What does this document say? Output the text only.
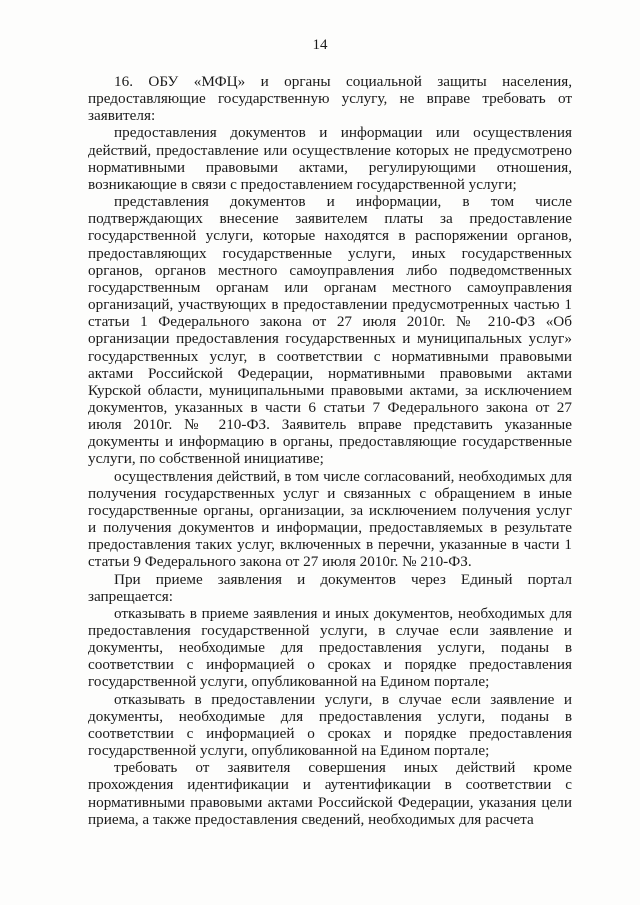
14

16. ОБУ «МФЦ» и органы социальной защиты населения, предоставляющие государственную услугу, не вправе требовать от заявителя:

предоставления документов и информации или осуществления действий, предоставление или осуществление которых не предусмотрено нормативными правовыми актами, регулирующими отношения, возникающие в связи с предоставлением государственной услуги;

представления документов и информации, в том числе подтверждающих внесение заявителем платы за предоставление государственной услуги, которые находятся в распоряжении органов, предоставляющих государственные услуги, иных государственных органов, органов местного самоуправления либо подведомственных государственным органам или органам местного самоуправления организаций, участвующих в предоставлении предусмотренных частью 1 статьи 1 Федерального закона от 27 июля 2010г. № 210-ФЗ «Об организации предоставления государственных и муниципальных услуг» государственных услуг, в соответствии с нормативными правовыми актами Российской Федерации, нормативными правовыми актами Курской области, муниципальными правовыми актами, за исключением документов, указанных в части 6 статьи 7 Федерального закона от 27 июля 2010г. № 210-ФЗ. Заявитель вправе представить указанные документы и информацию в органы, предоставляющие государственные услуги, по собственной инициативе;

осуществления действий, в том числе согласований, необходимых для получения государственных услуг и связанных с обращением в иные государственные органы, организации, за исключением получения услуг и получения документов и информации, предоставляемых в результате предоставления таких услуг, включенных в перечни, указанные в части 1 статьи 9 Федерального закона от 27 июля 2010г. № 210-ФЗ.

При приеме заявления и документов через Единый портал запрещается:

отказывать в приеме заявления и иных документов, необходимых для предоставления государственной услуги, в случае если заявление и документы, необходимые для предоставления услуги, поданы в соответствии с информацией о сроках и порядке предоставления государственной услуги, опубликованной на Едином портале;

отказывать в предоставлении услуги, в случае если заявление и документы, необходимые для предоставления услуги, поданы в соответствии с информацией о сроках и порядке предоставления государственной услуги, опубликованной на Едином портале;

требовать от заявителя совершения иных действий кроме прохождения идентификации и аутентификации в соответствии с нормативными правовыми актами Российской Федерации, указания цели приема, а также предоставления сведений, необходимых для расчета
